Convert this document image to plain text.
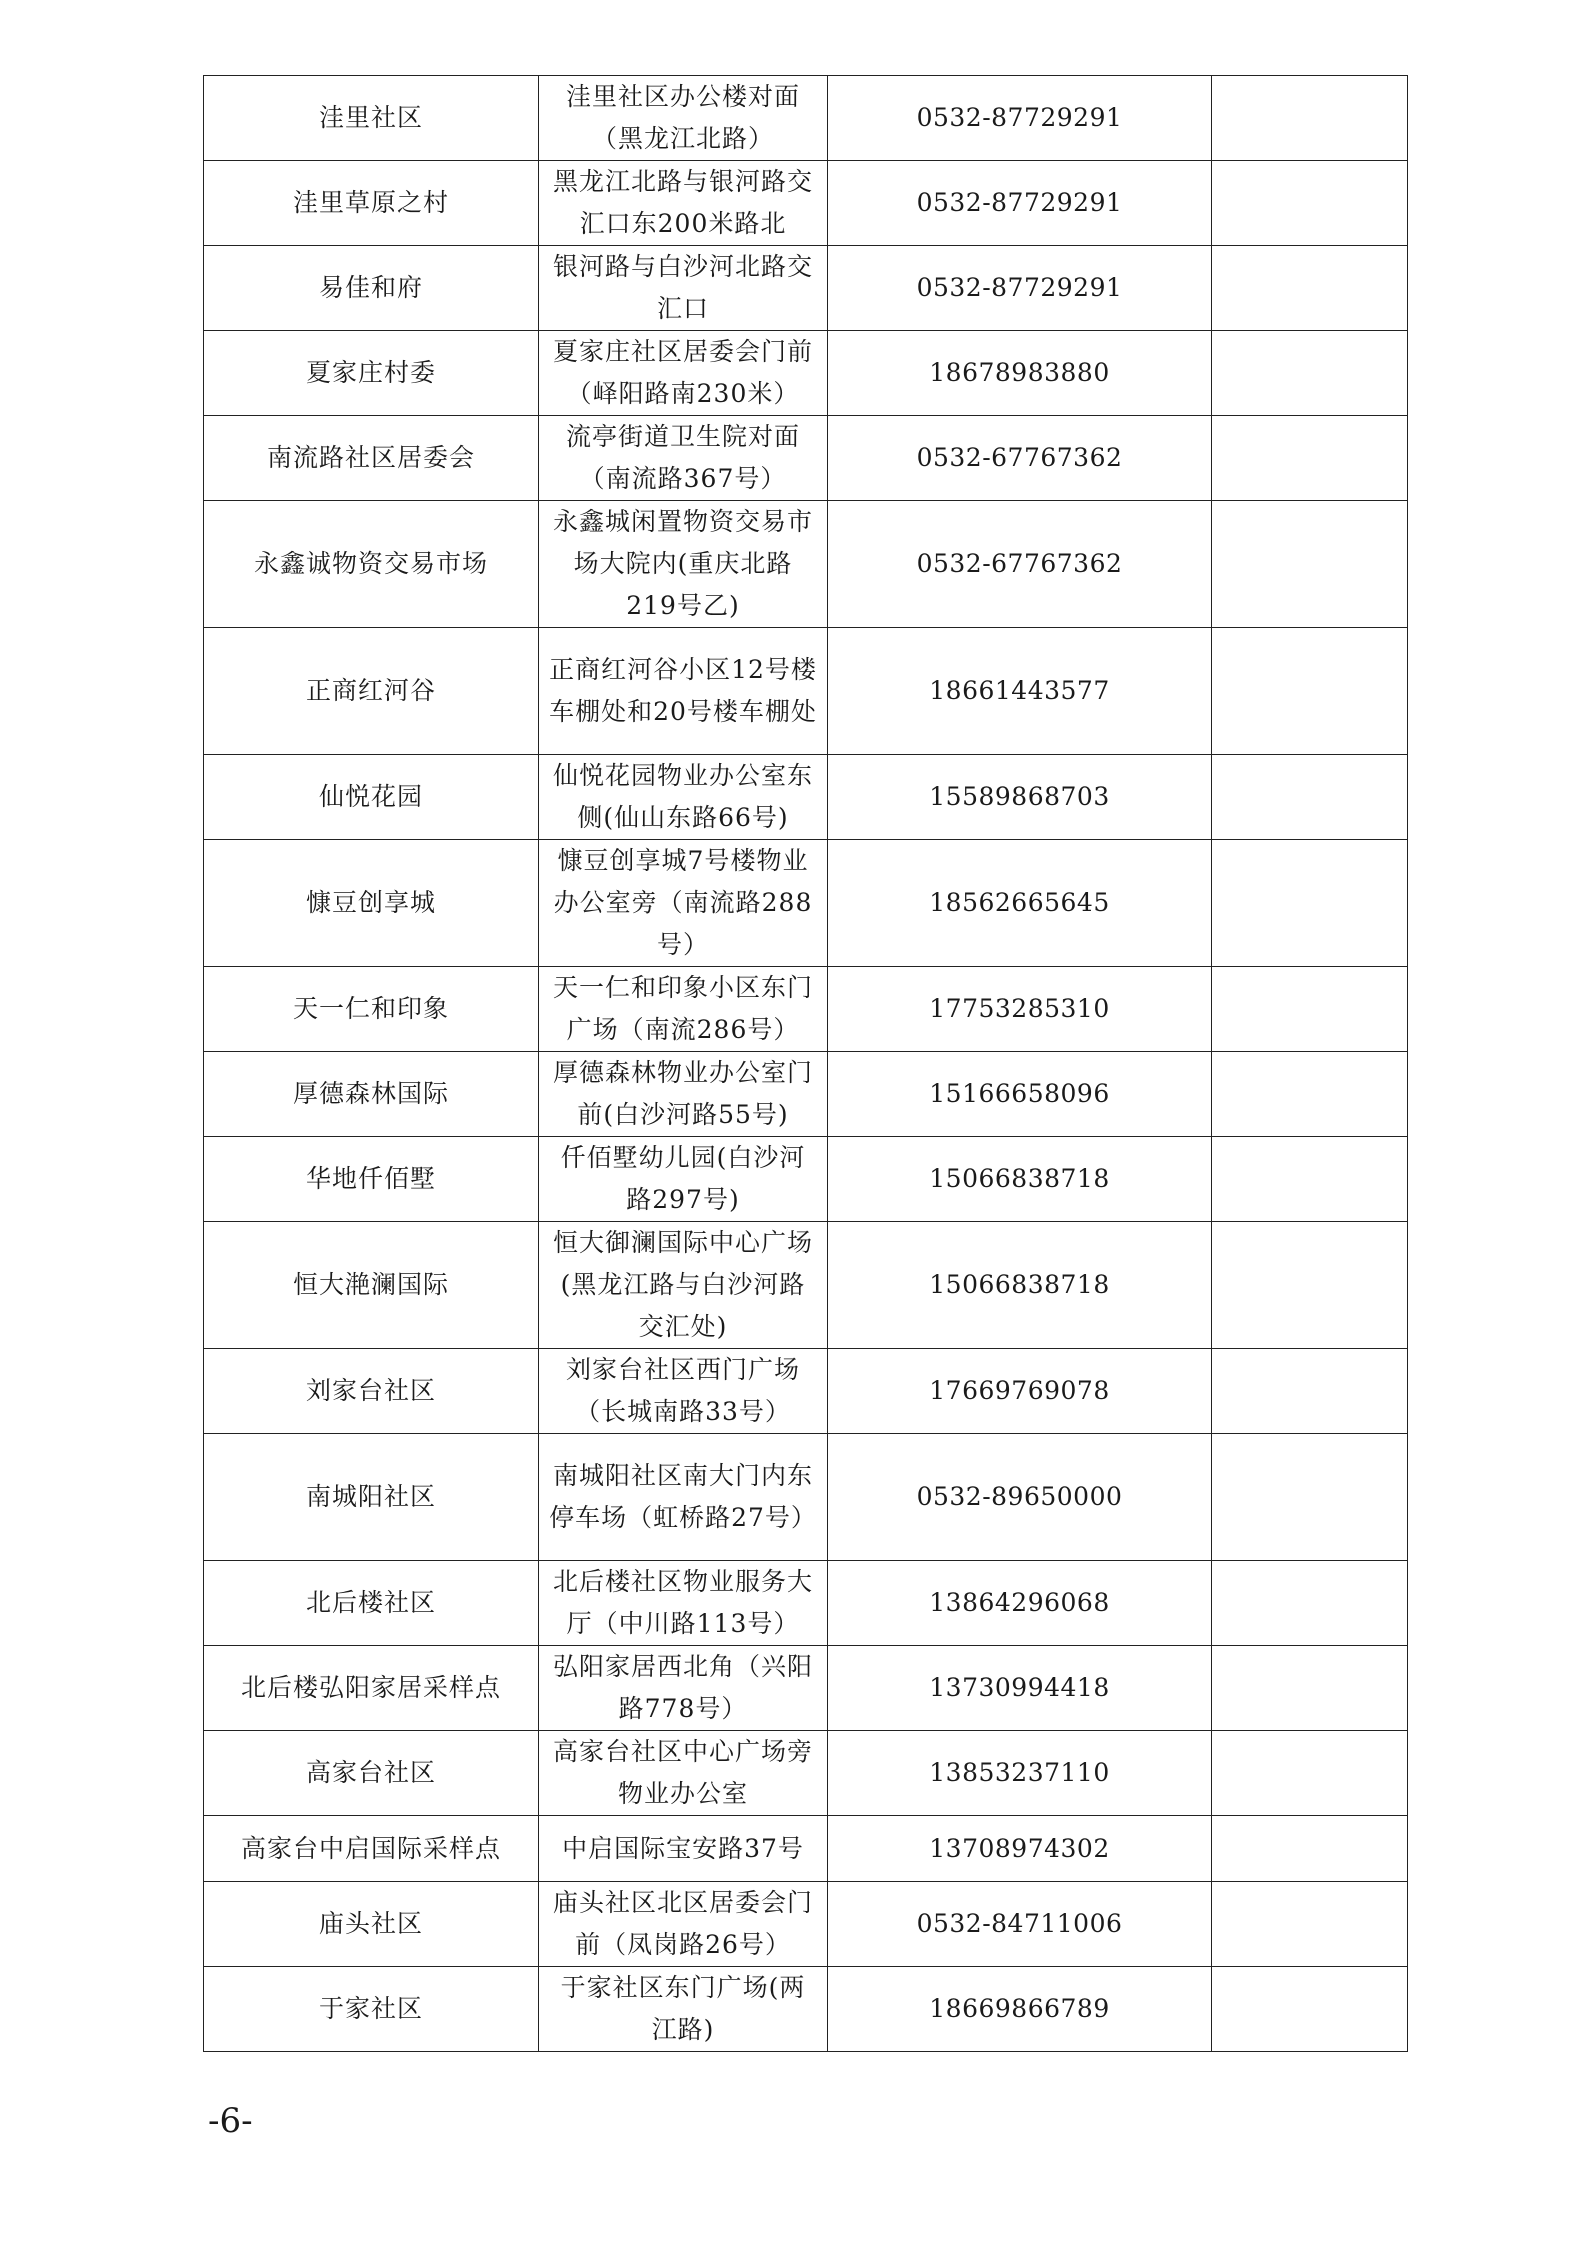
洼里社区	洼里社区办公楼对面（黑龙江北路）	0532-87729291	
洼里草原之村	黑龙江北路与银河路交汇口东200米路北	0532-87729291	
易佳和府	银河路与白沙河北路交汇口	0532-87729291	
夏家庄村委	夏家庄社区居委会门前（峄阳路南230米）	18678983880	
南流路社区居委会	流亭街道卫生院对面（南流路367号）	0532-67767362	
永鑫诚物资交易市场	永鑫城闲置物资交易市场大院内(重庆北路219号乙)	0532-67767362	
正商红河谷	正商红河谷小区12号楼车棚处和20号楼车棚处	18661443577	
仙悦花园	仙悦花园物业办公室东侧(仙山东路66号)	15589868703	
慷豆创享城	慷豆创享城7号楼物业办公室旁（南流路288号）	18562665645	
天一仁和印象	天一仁和印象小区东门广场（南流286号）	17753285310	
厚德森林国际	厚德森林物业办公室门前(白沙河路55号)	15166658096	
华地仟佰墅	仟佰墅幼儿园(白沙河路297号)	15066838718	
恒大滟澜国际	恒大御澜国际中心广场(黑龙江路与白沙河路交汇处)	15066838718	
刘家台社区	刘家台社区西门广场（长城南路33号）	17669769078	
南城阳社区	南城阳社区南大门内东停车场（虹桥路27号）	0532-89650000	
北后楼社区	北后楼社区物业服务大厅（中川路113号）	13864296068	
北后楼弘阳家居采样点	弘阳家居西北角（兴阳路778号）	13730994418	
高家台社区	高家台社区中心广场旁物业办公室	13853237110	
高家台中启国际采样点	中启国际宝安路37号	13708974302	
庙头社区	庙头社区北区居委会门前（凤岗路26号）	0532-84711006	
于家社区	于家社区东门广场(两江路)	18669866789	
-6-
